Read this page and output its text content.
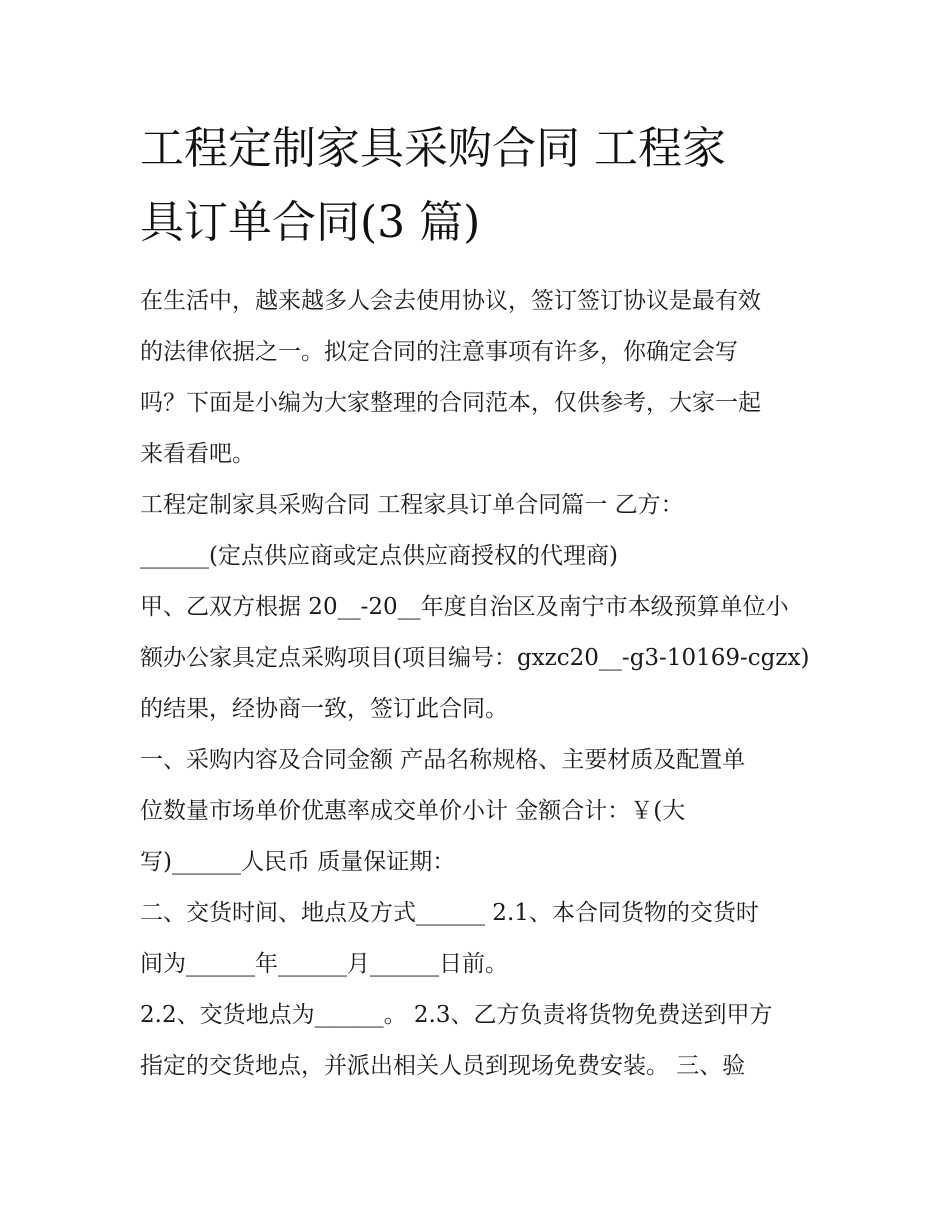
工程定制家具采购合同 工程家
具订单合同(3 篇)
在生活中，越来越多人会去使用协议，签订签订协议是最有效
的法律依据之一。拟定合同的注意事项有许多，你确定会写
吗？下面是小编为大家整理的合同范本，仅供参考，大家一起
来看看吧。
工程定制家具采购合同 工程家具订单合同篇一 乙方：
______(定点供应商或定点供应商授权的代理商)
甲、乙双方根据 20__-20__年度自治区及南宁市本级预算单位小
额办公家具定点采购项目(项目编号：gxzc20__-g3-10169-cgzx)
的结果，经协商一致，签订此合同。
一、采购内容及合同金额 产品名称规格、主要材质及配置单
位数量市场单价优惠率成交单价小计 金额合计：￥(大
写)______人民币 质量保证期：
二、交货时间、地点及方式______ 2.1、本合同货物的交货时
间为______年______月______日前。
2.2、交货地点为______。 2.3、乙方负责将货物免费送到甲方
指定的交货地点，并派出相关人员到现场免费安装。 三、验
